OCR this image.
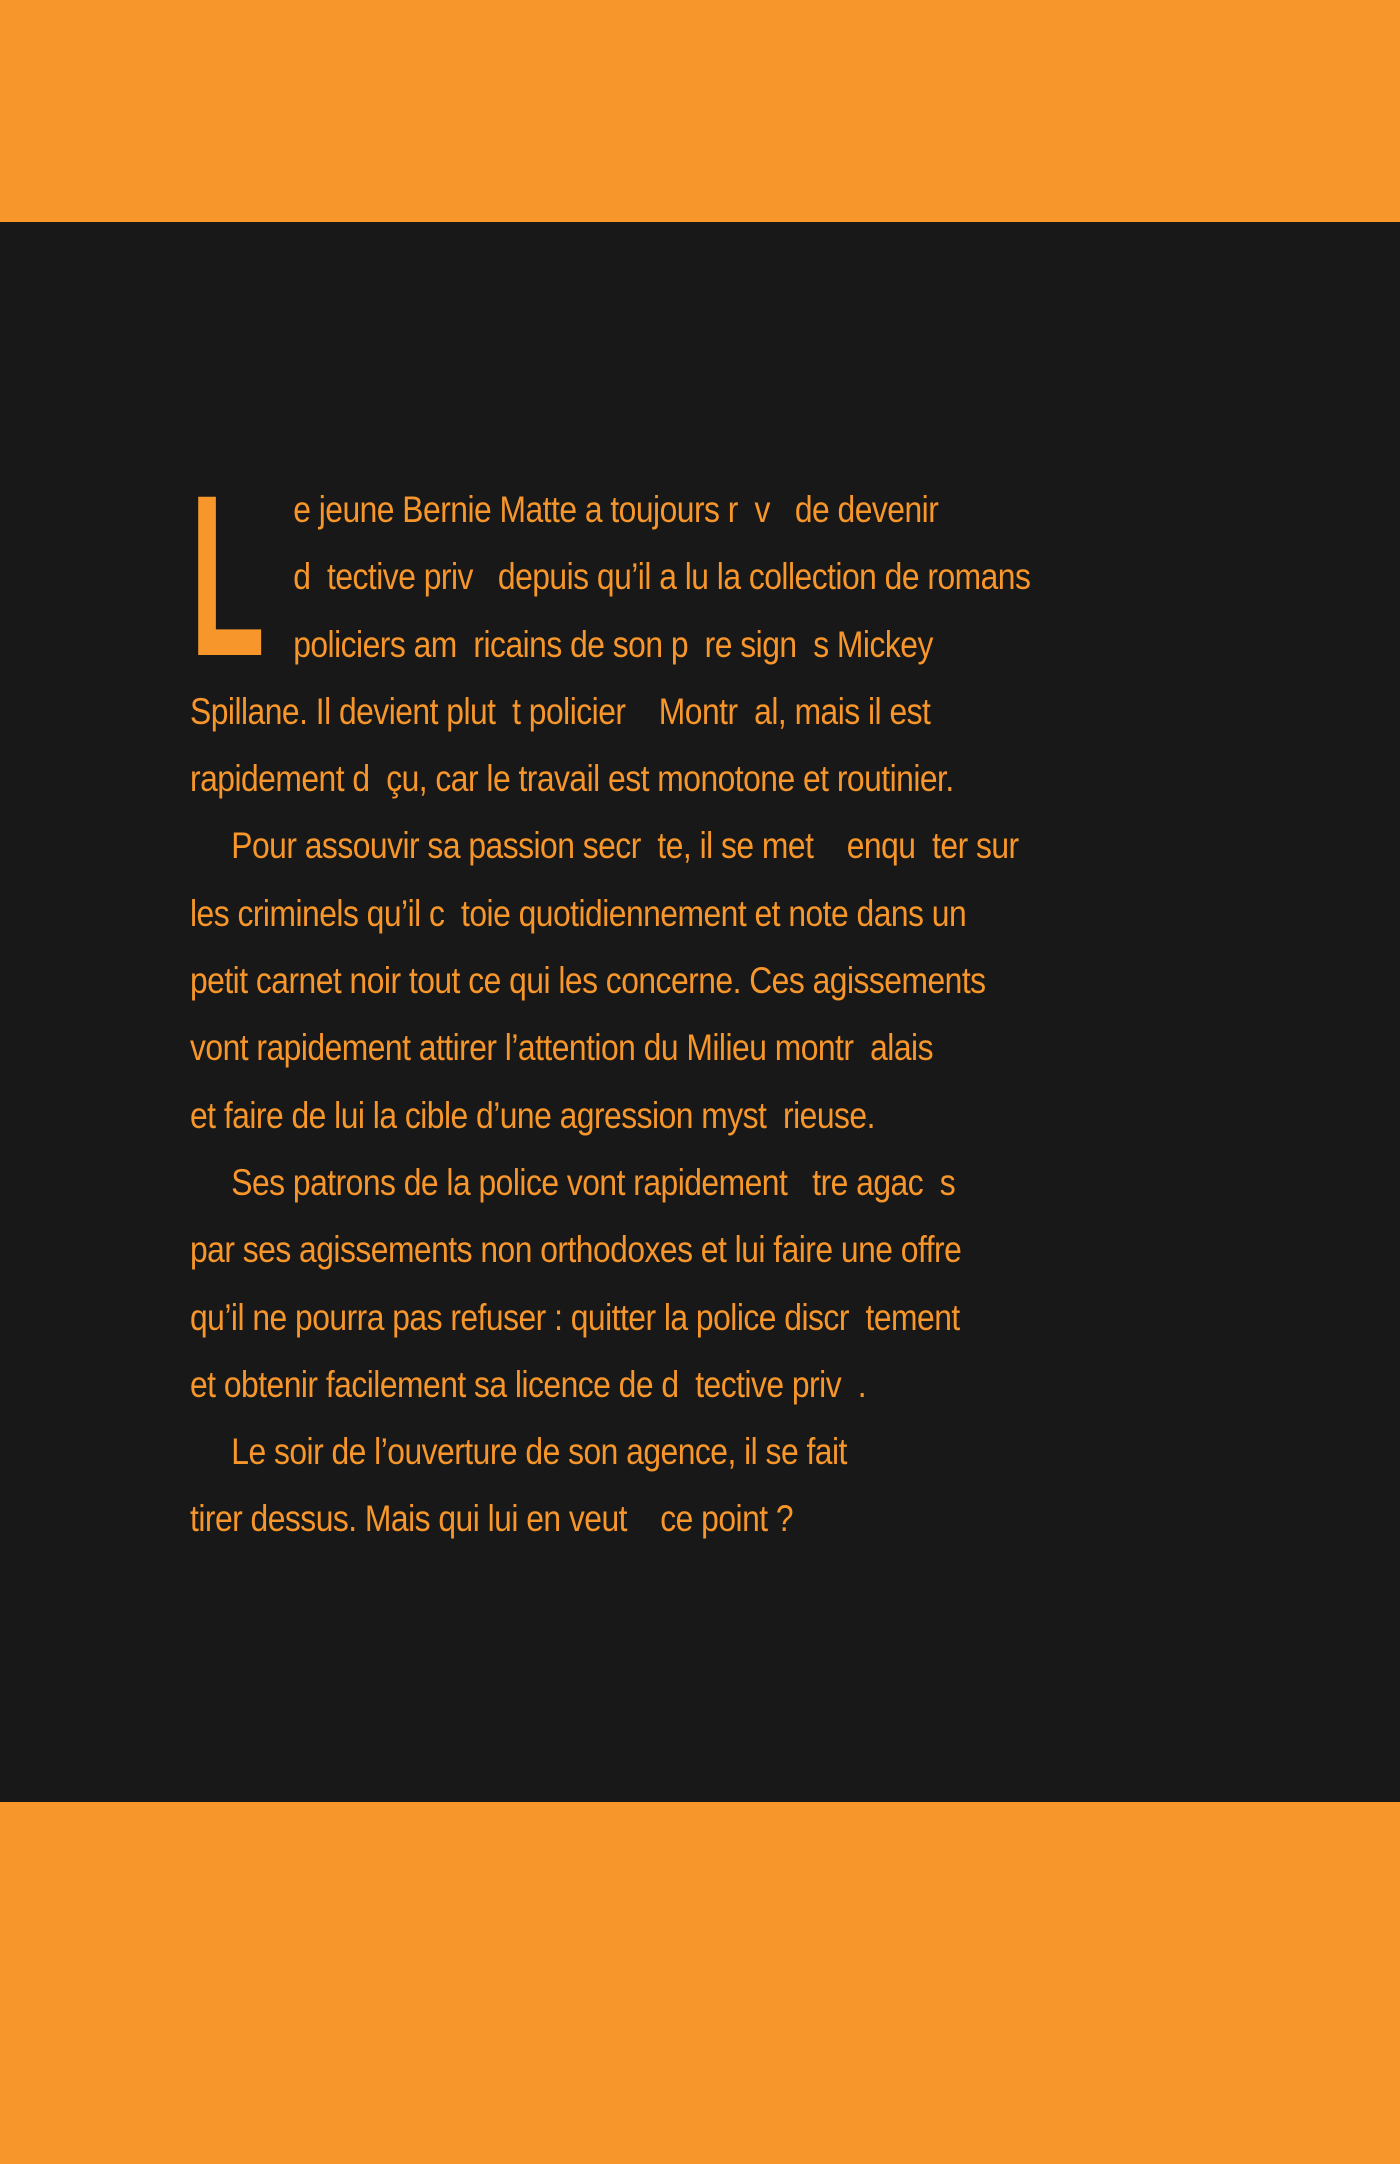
L e jeune Bernie Matte a toujours r  v   de devenir
d  tective priv   depuis qu’il a lu la collection de romans
policiers am  ricains de son p  re sign  s Mickey
Spillane. Il devient plut  t policier    Montr  al, mais il est
rapidement d  çu, car le travail est monotone et routinier.

Pour assouvir sa passion secr  te, il se met    enqu  ter sur
les criminels qu’il c  toie quotidiennement et note dans un
petit carnet noir tout ce qui les concerne. Ces agissements
vont rapidement attirer l’attention du Milieu montr  alais
et faire de lui la cible d’une agression myst  rieuse.

Ses patrons de la police vont rapidement   tre agac  s
par ses agissements non orthodoxes et lui faire une offre
qu’il ne pourra pas refuser : quitter la police discr  tement
et obtenir facilement sa licence de d  tective priv  .

Le soir de l’ouverture de son agence, il se fait
tirer dessus. Mais qui lui en veut    ce point ?
